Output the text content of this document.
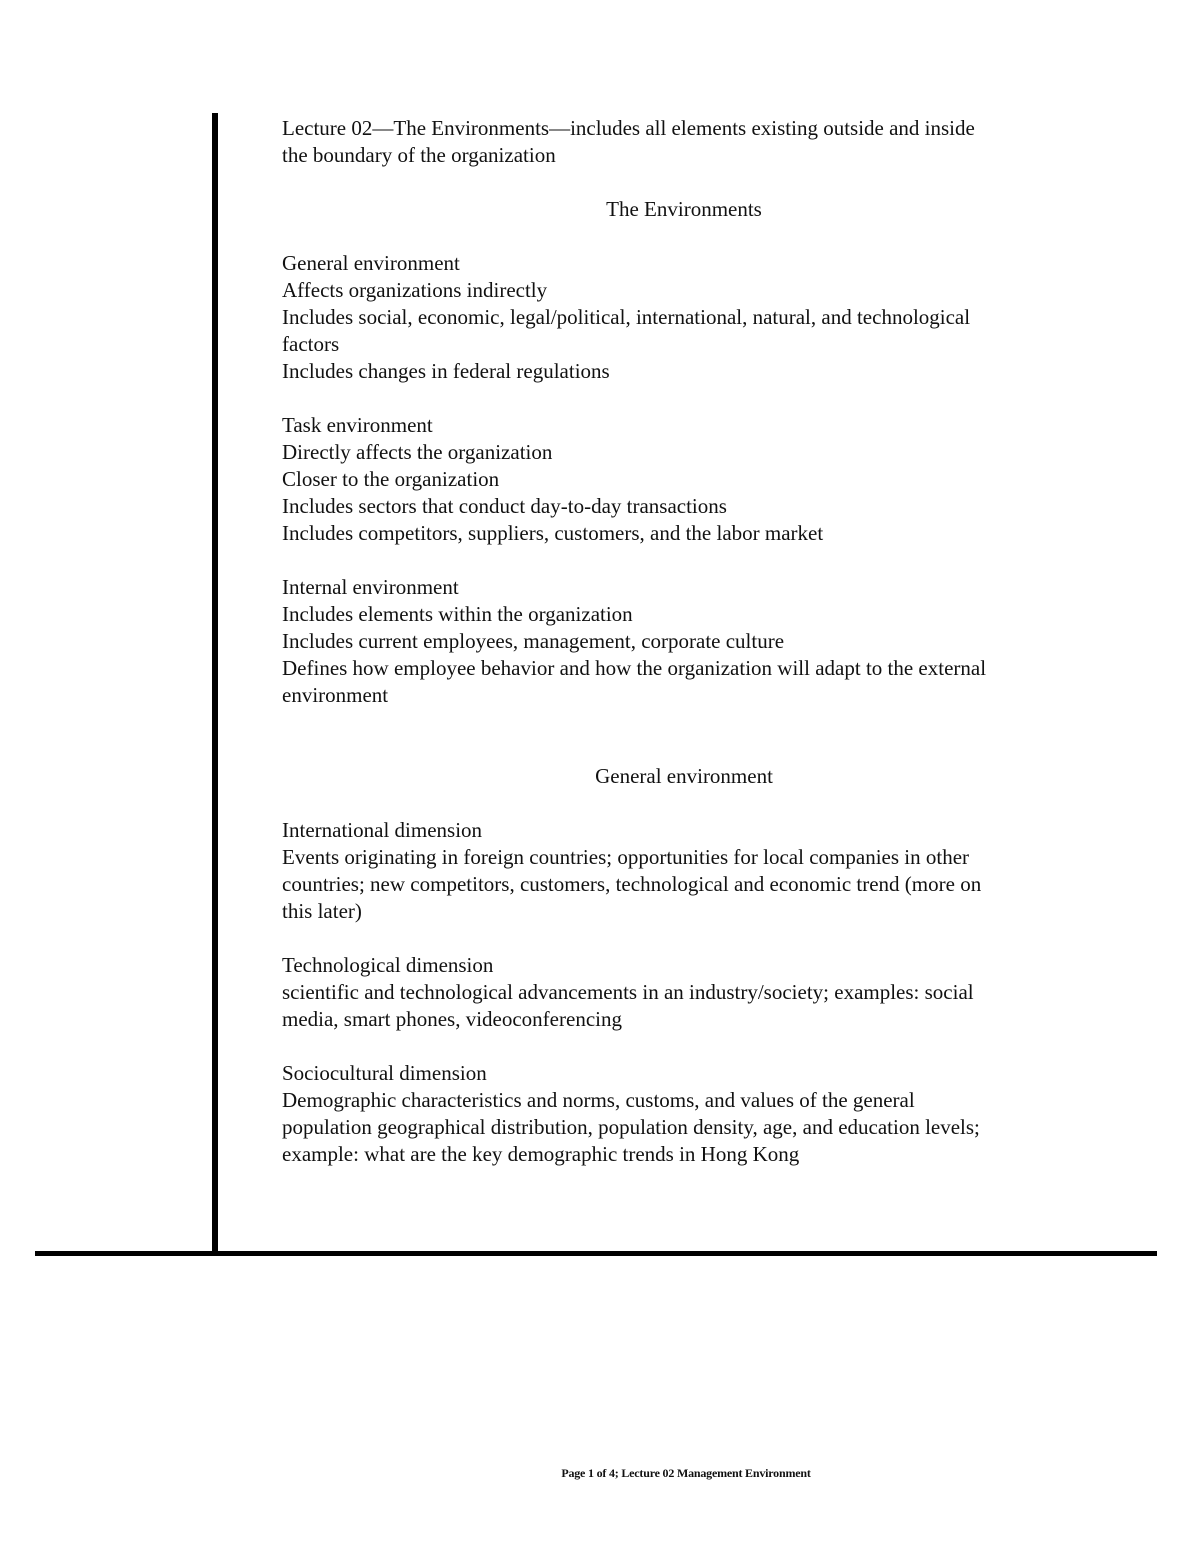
Lecture 02—The Environments—includes all elements existing outside and inside
the boundary of the organization
The Environments
General environment
Affects organizations indirectly
Includes social, economic, legal/political, international, natural, and technological
factors
Includes changes in federal regulations
Task environment
Directly affects the organization
Closer to the organization
Includes sectors that conduct day-to-day transactions
Includes competitors, suppliers, customers, and the labor market
Internal environment
Includes elements within the organization
Includes current employees, management, corporate culture
Defines how employee behavior and how the organization will adapt to the external
environment
General environment
International dimension
Events originating in foreign countries; opportunities for local companies in other
countries; new competitors, customers, technological and economic trend (more on
this later)
Technological dimension
scientific and technological advancements in an industry/society; examples: social
media, smart phones, videoconferencing
Sociocultural dimension
Demographic characteristics and norms, customs, and values of the general
population geographical distribution, population density, age, and education levels;
example: what are the key demographic trends in Hong Kong
Page 1 of 4; Lecture 02 Management Environment
